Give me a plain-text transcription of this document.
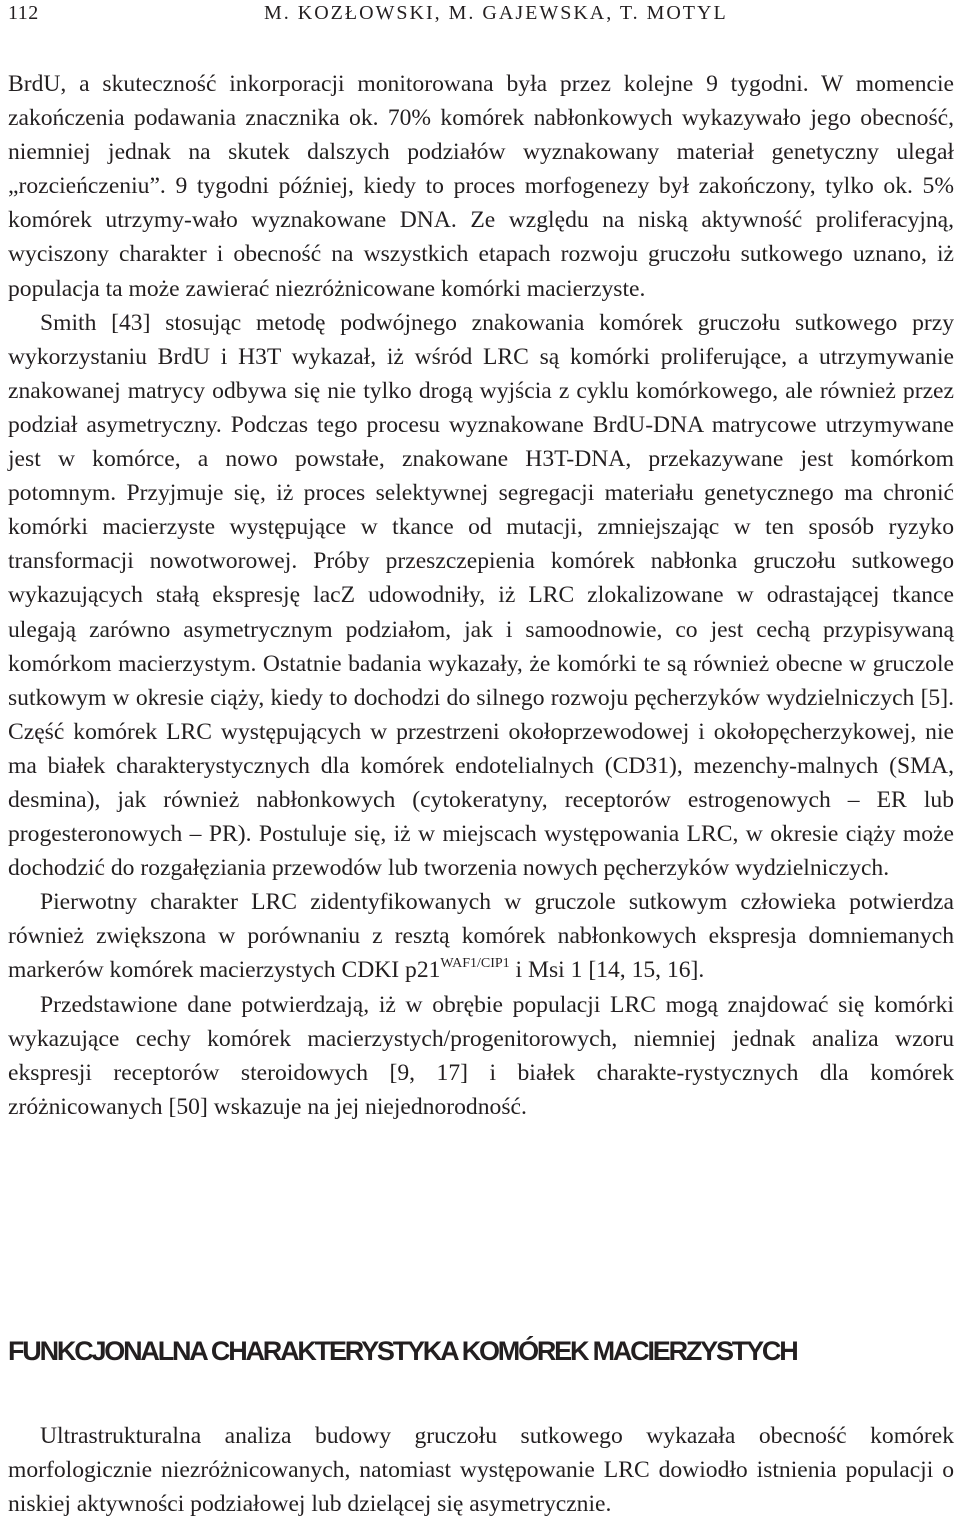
112	M. KOZŁOWSKI, M. GAJEWSKA, T. MOTYL

BrdU, a skuteczność inkorporacji monitorowana była przez kolejne 9 tygodni. W momencie zakończenia podawania znacznika ok. 70% komórek nabłonkowych wykazywało jego obecność, niemniej jednak na skutek dalszych podziałów wyznakowany materiał genetyczny ulegał „rozcieńczeniu”. 9 tygodni później, kiedy to proces morfogenezy był zakończony, tylko ok. 5% komórek utrzymy-wało wyznakowane DNA. Ze względu na niską aktywność proliferacyjną, wyciszony charakter i obecność na wszystkich etapach rozwoju gruczołu sutkowego uznano, iż populacja ta może zawierać niezróżnicowane komórki macierzyste.

Smith [43] stosując metodę podwójnego znakowania komórek gruczołu sutkowego przy wykorzystaniu BrdU i H3T wykazał, iż wśród LRC są komórki proliferujące, a utrzymywanie znakowanej matrycy odbywa się nie tylko drogą wyjścia z cyklu komórkowego, ale również przez podział asymetryczny. Podczas tego procesu wyznakowane BrdU-DNA matrycowe utrzymywane jest w komórce, a nowo powstałe, znakowane H3T-DNA, przekazywane jest komórkom potomnym. Przyjmuje się, iż proces selektywnej segregacji materiału genetycznego ma chronić komórki macierzyste występujące w tkance od mutacji, zmniejszając w ten sposób ryzyko transformacji nowotworowej. Próby przeszczepienia komórek nabłonka gruczołu sutkowego wykazujących stałą ekspresję lacZ udowodniły, iż LRC zlokalizowane w odrastającej tkance ulegają zarówno asymetrycznym podziałom, jak i samoodnowie, co jest cechą przypisywaną komórkom macierzystym. Ostatnie badania wykazały, że komórki te są również obecne w gruczole sutkowym w okresie ciąży, kiedy to dochodzi do silnego rozwoju pęcherzyków wydzielniczych [5]. Część komórek LRC występujących w przestrzeni okołoprzewodowej i okołopęcherzykowej, nie ma białek charakterystycznych dla komórek endotelialnych (CD31), mezenchy-malnych (SMA, desmina), jak również nabłonkowych (cytokeratyny, receptorów estrogenowych – ER lub progesteronowych – PR). Postuluje się, iż w miejscach występowania LRC, w okresie ciąży może dochodzić do rozgałęziania przewodów lub tworzenia nowych pęcherzyków wydzielniczych.

Pierwotny charakter LRC zidentyfikowanych w gruczole sutkowym człowieka potwierdza również zwiększona w porównaniu z resztą komórek nabłonkowych ekspresja domniemanych markerów komórek macierzystych CDKI $p21^{WAF1/CIP1}$ i Msi 1 [14, 15, 16].

Przedstawione dane potwierdzają, iż w obrębie populacji LRC mogą znajdować się komórki wykazujące cechy komórek macierzystych/progenitorowych, niemniej jednak analiza wzoru ekspresji receptorów steroidowych [9, 17] i białek charakte-rystycznych dla komórek zróżnicowanych [50] wskazuje na jej niejednorodność.

FUNKCJONALNA CHARAKTERYSTYKA KOMÓREK MACIERZYSTYCH

Ultrastrukturalna analiza budowy gruczołu sutkowego wykazała obecność komórek morfologicznie niezróżnicowanych, natomiast występowanie LRC dowiodło istnienia populacji o niskiej aktywności podziałowej lub dzielącej się asymetrycznie.
